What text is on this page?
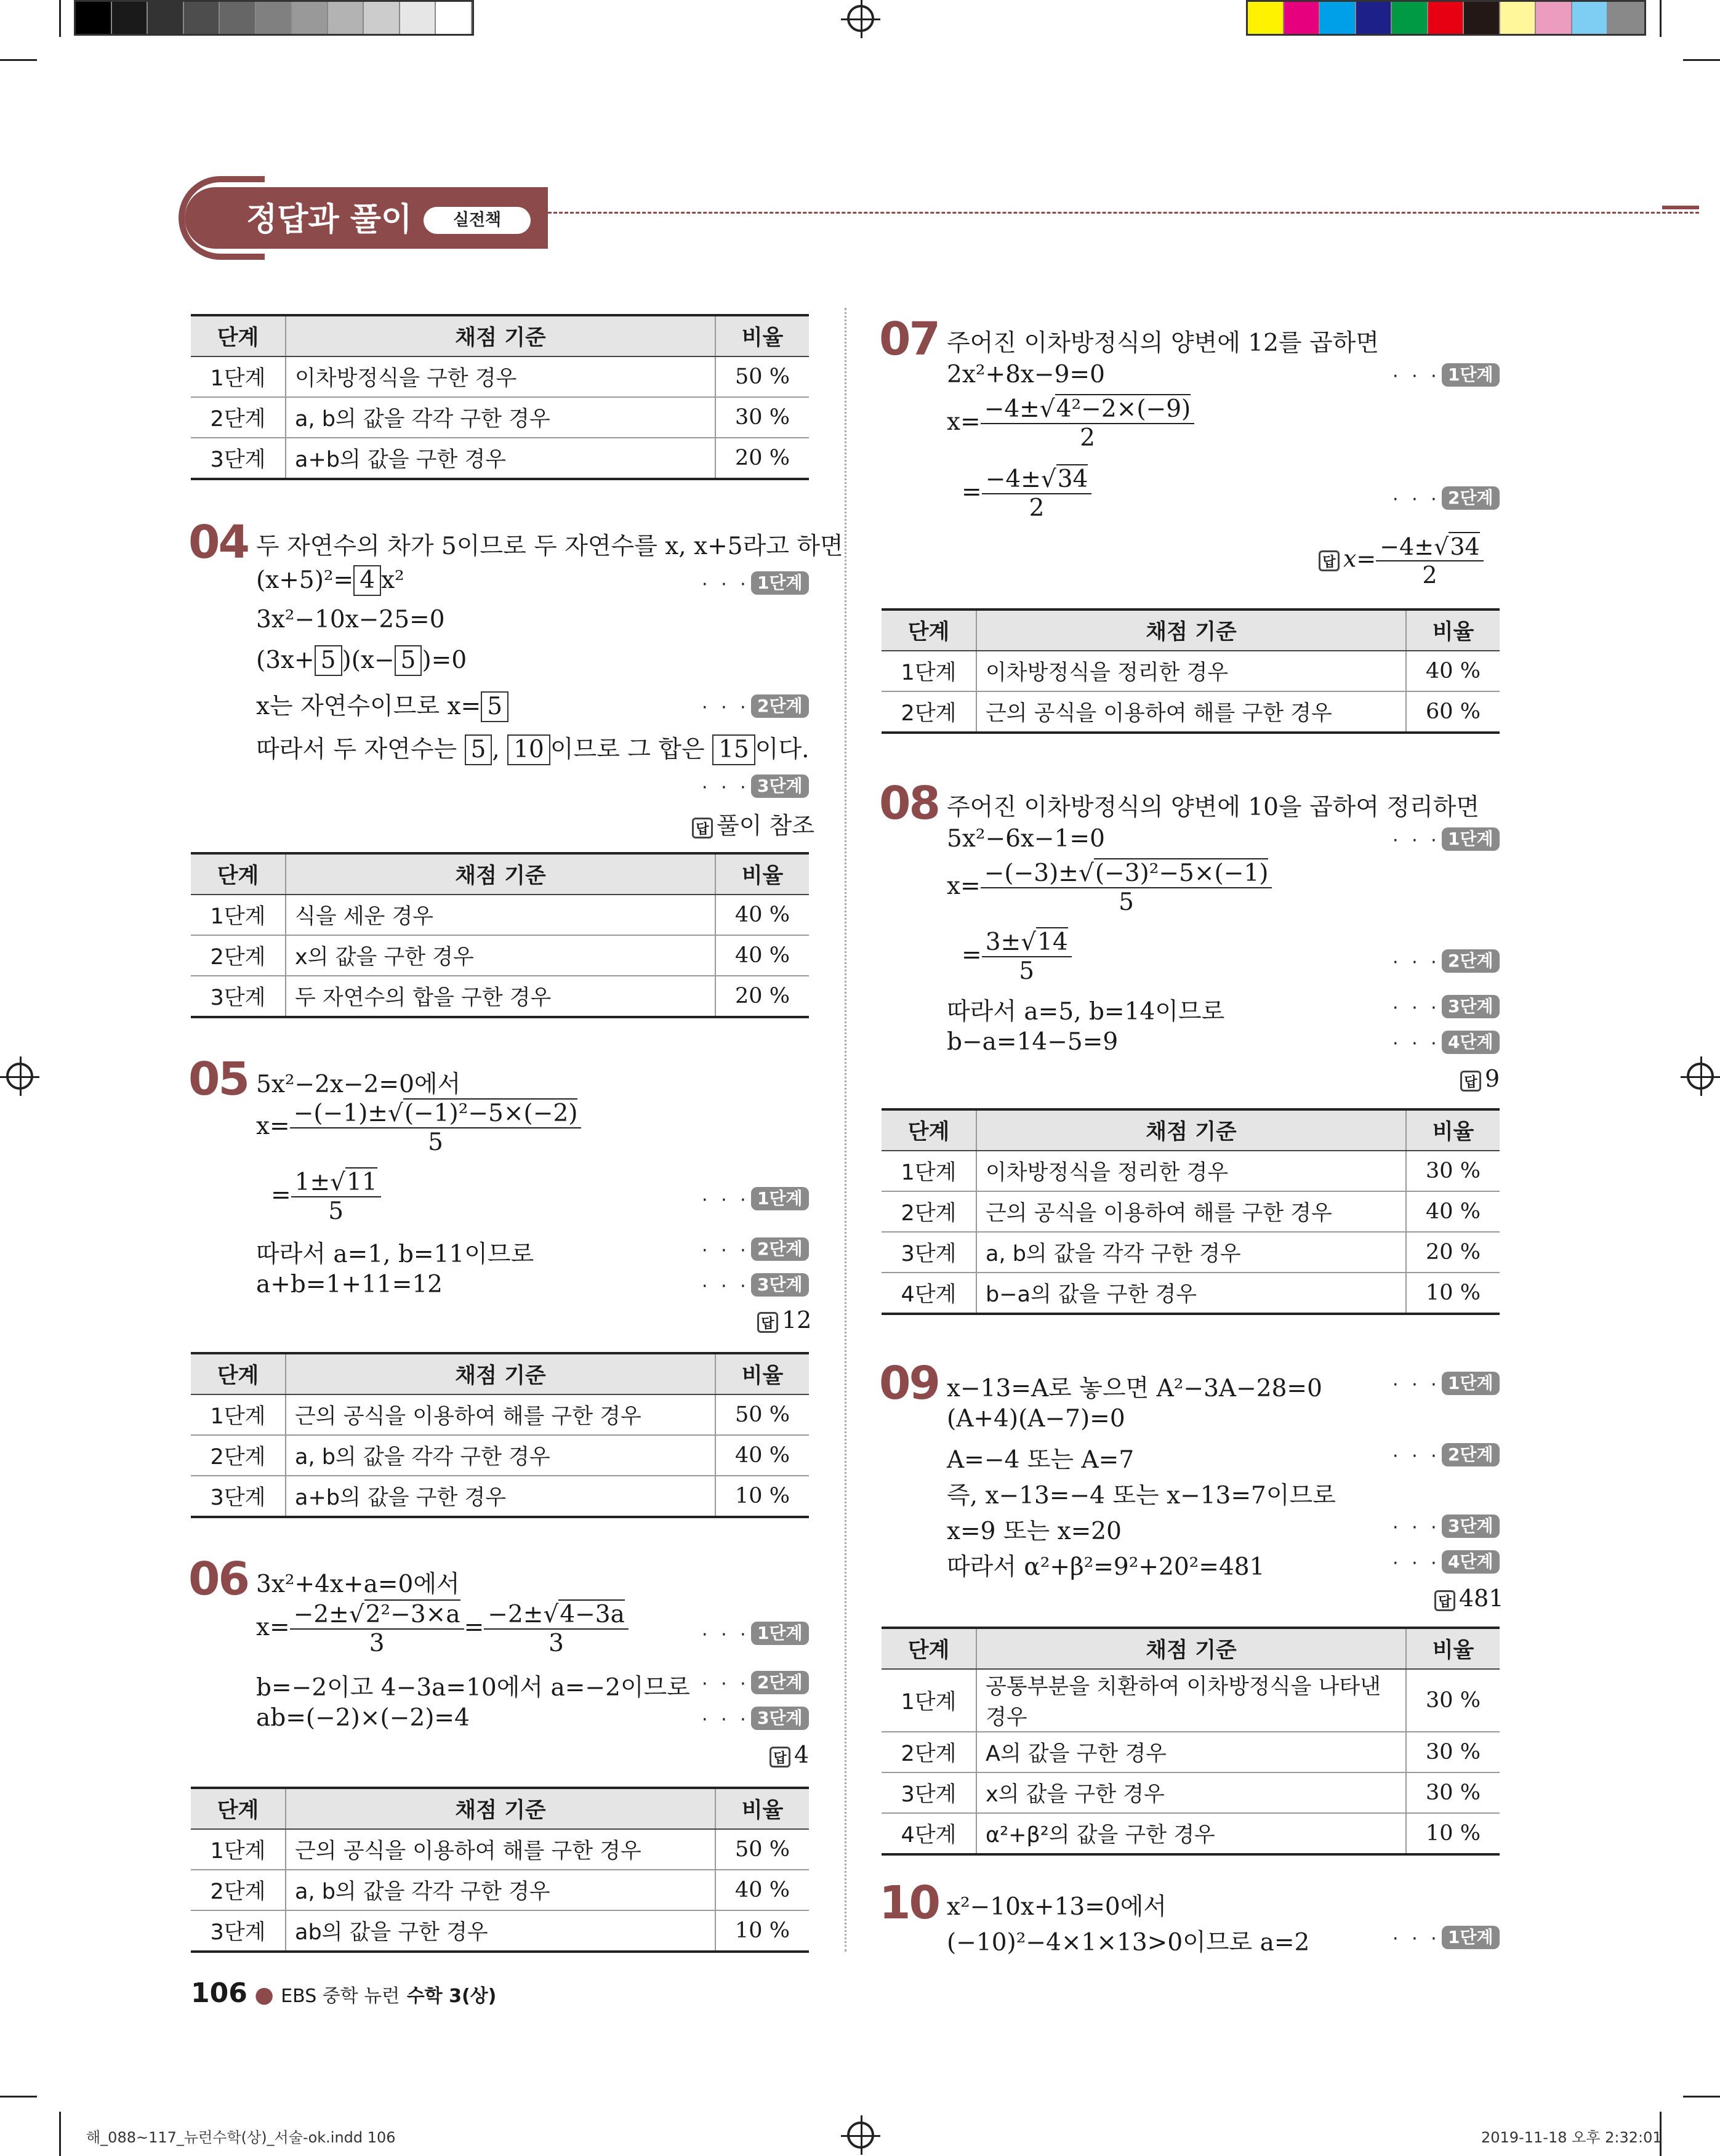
정답과 풀이	실전책
단계	채점 기준	비율
1단계	이차방정식을 구한 경우	50 %
2단계	a, b의 값을 각각 구한 경우	30 %
3단계	a+b의 값을 구한 경우	20 %
04 두 자연수의 차가 5이므로 두 자연수를 x, x+5라고 하면
(x+5)²= 4 x²	· · · 1단계
3x²−10x−25=0
(3x+ 5 )(x− 5 )=0
x는 자연수이므로 x= 5	· · · 2단계
따라서 두 자연수는 5 , 10 이므로 그 합은 15 이다.
· · · 3단계
답 풀이 참조
단계	채점 기준	비율
1단계	식을 세운 경우	40 %
2단계	x의 값을 구한 경우	40 %
3단계	두 자연수의 합을 구한 경우	20 %
05 5x²−2x−2=0에서
$x= \frac{\text{−(−1)±√(−1)²−5×(−2)}}{5}$
= $\frac{1\pm√11}{5}$	· · · 1단계
따라서 a=1, b=11이므로	· · · 2단계
a+b=1+11=12	· · · 3단계
답 12
단계	채점 기준	비율
1단계	근의 공식을 이용하여 해를 구한 경우	50 %
2단계	a, b의 값을 각각 구한 경우	40 %
3단계	a+b의 값을 구한 경우	10 %
06 3x²+4x+a=0에서
$x= \frac{\text{−2±√2²−3×a}}{3} = \frac{-2\pm√4-3a}{3}$	· · · 1단계
b=−2이고 4−3a=10에서 a=−2이므로 · · · 2단계
ab=(−2)×(−2)=4	· · · 3단계
답 4
단계	채점 기준	비율
1단계	근의 공식을 이용하여 해를 구한 경우	50 %
2단계	a, b의 값을 각각 구한 경우	40 %
3단계	ab의 값을 구한 경우	10 %
106 ● EBS 중학 뉴런 수학 3(상)
07 주어진 이차방정식의 양변에 12를 곱하면
2x²+8x−9=0	· · · 1단계
$x= \frac{\text{−4±√4²−2×(−9)}}{2}$
= $\frac{-4\pm√34}{2}$	· · · 2단계
답 $x= \frac{-4\pm√34}{2}$
단계	채점 기준	비율
1단계	이차방정식을 정리한 경우	40 %
2단계	근의 공식을 이용하여 해를 구한 경우	60 %
08 주어진 이차방정식의 양변에 10을 곱하여 정리하면
5x²−6x−1=0	· · · 1단계
$x= \frac{\text{−(−3)±√(−3)²−5×(−1)}}{5}$
= $\frac{3\pm√14}{5}$	· · · 2단계
따라서 a=5, b=14이므로	· · · 3단계
b−a=14−5=9	· · · 4단계
답 9
단계	채점 기준	비율
1단계	이차방정식을 정리한 경우	30 %
2단계	근의 공식을 이용하여 해를 구한 경우	40 %
3단계	a, b의 값을 각각 구한 경우	20 %
4단계	b−a의 값을 구한 경우	10 %
09 x−13=A로 놓으면 A²−3A−28=0	· · · 1단계
(A+4)(A−7)=0
A=−4 또는 A=7	· · · 2단계
즉, x−13=−4 또는 x−13=7이므로
x=9 또는 x=20	· · · 3단계
따라서 α²+β²=9²+20²=481	· · · 4단계
답 481
단계	채점 기준	비율
1단계	공통부분을 치환하여 이차방정식을 나타낸 경우	30 %
2단계	A의 값을 구한 경우	30 %
3단계	x의 값을 구한 경우	30 %
4단계	α²+β²의 값을 구한 경우	10 %
10 x²−10x+13=0에서
(−10)²−4×1×13>0이므로 a=2	· · · 1단계
해_088~117_뉴런수학(상)_서술-ok.indd 106	2019-11-18 오후 2:32:01
